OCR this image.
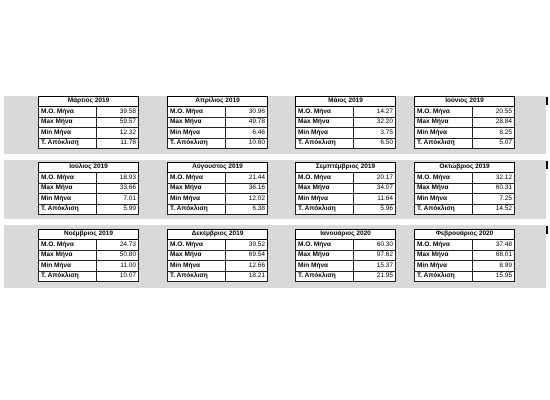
Μάρτιος 2019	
Μ.Ο. Μήνα	39.58
Max Μήνα	59.57
Min Μήνα	12.32
Τ. Απόκλιση	11.78
Απρίλιος 2019	
Μ.Ο. Μήνα	30.96
Max Μήνα	49.78
Min Μήνα	6.46
Τ. Απόκλιση	10.60
Μάιος 2019	
Μ.Ο. Μήνα	14.27
Max Μήνα	32.20
Min Μήνα	3.75
Τ. Απόκλιση	6.50
Ιούνιος 2019	
Μ.Ο. Μήνα	20.55
Max Μήνα	28.84
Min Μήνα	8.25
Τ. Απόκλιση	5.07
Ιούλιος 2019	
Μ.Ο. Μήνα	18.93
Max Μήνα	33.66
Min Μήνα	7.01
Τ. Απόκλιση	5.99
Αύγουστος 2019	
Μ.Ο. Μήνα	21.44
Max Μήνα	36.16
Min Μήνα	12.02
Τ. Απόκλιση	6.38
Σεμπτέμβριος 2019	
Μ.Ο. Μήνα	20.17
Max Μήνα	34.07
Min Μήνα	11.64
Τ. Απόκλιση	5.96
Οκτώβριος 2019	
Μ.Ο. Μήνα	32.12
Max Μήνα	60.31
Min Μήνα	7.25
Τ. Απόκλιση	14.52
Νοέμβριος 2019	
Μ.Ο. Μήνα	24.73
Max Μήνα	50.80
Min Μήνα	11.00
Τ. Απόκλιση	10.07
Δεκέμβριος 2019	
Μ.Ο. Μήνα	39.52
Max Μήνα	69.54
Min Μήνα	12.66
Τ. Απόκλιση	18.21
Ιανουάριος 2020	
Μ.Ο. Μήνα	60.30
Max Μήνα	97.62
Min Μήνα	15.37
Τ. Απόκλιση	21.95
Φεβρουάριος 2020	
Μ.Ο. Μήνα	37.48
Max Μήνα	68.01
Min Μήνα	8.99
Τ. Απόκλιση	15.95
